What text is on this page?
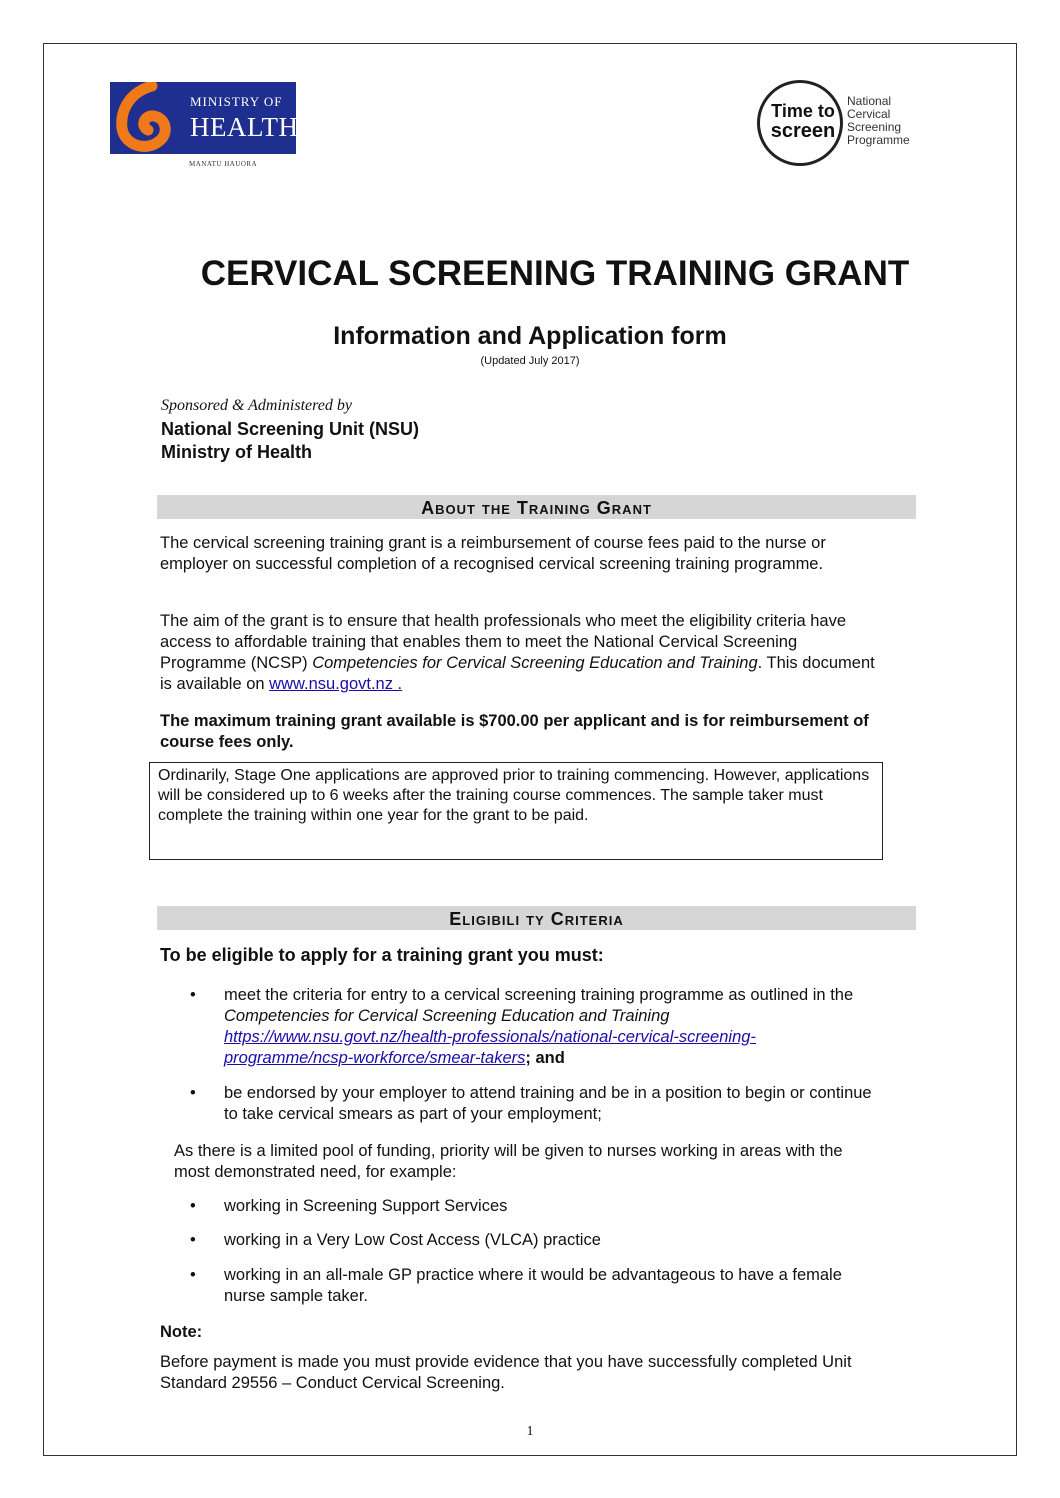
MINISTRY OF
HEALTH
MANATU HAUORA
Time to
screen
National
Cervical
Screening
Programme
CERVICAL SCREENING TRAINING GRANT
Information and Application form
(Updated July 2017)
Sponsored & Administered by
National Screening Unit (NSU)
Ministry of Health
About the Training Grant
The cervical screening training grant is a reimbursement of course fees paid to the nurse or employer on successful completion of a recognised cervical screening training programme.
The aim of the grant is to ensure that health professionals who meet the eligibility criteria have access to affordable training that enables them to meet the National Cervical Screening Programme (NCSP) Competencies for Cervical Screening Education and Training. This document is available on www.nsu.govt.nz .
The maximum training grant available is $700.00 per applicant and is for reimbursement of course fees only.
Ordinarily, Stage One applications are approved prior to training commencing. However, applications will be considered up to 6 weeks after the training course commences. The sample taker must complete the training within one year for the grant to be paid.
Eligibili ty Criteria
To be eligible to apply for a training grant you must:
• meet the criteria for entry to a cervical screening training programme as outlined in the Competencies for Cervical Screening Education and Training https://www.nsu.govt.nz/health-professionals/national-cervical-screening-programme/ncsp-workforce/smear-takers; and
• be endorsed by your employer to attend training and be in a position to begin or continue to take cervical smears as part of your employment;
As there is a limited pool of funding, priority will be given to nurses working in areas with the most demonstrated need, for example:
• working in Screening Support Services
• working in a Very Low Cost Access (VLCA) practice
• working in an all-male GP practice where it would be advantageous to have a female nurse sample taker.
Note:
Before payment is made you must provide evidence that you have successfully completed Unit Standard 29556 – Conduct Cervical Screening.
1
